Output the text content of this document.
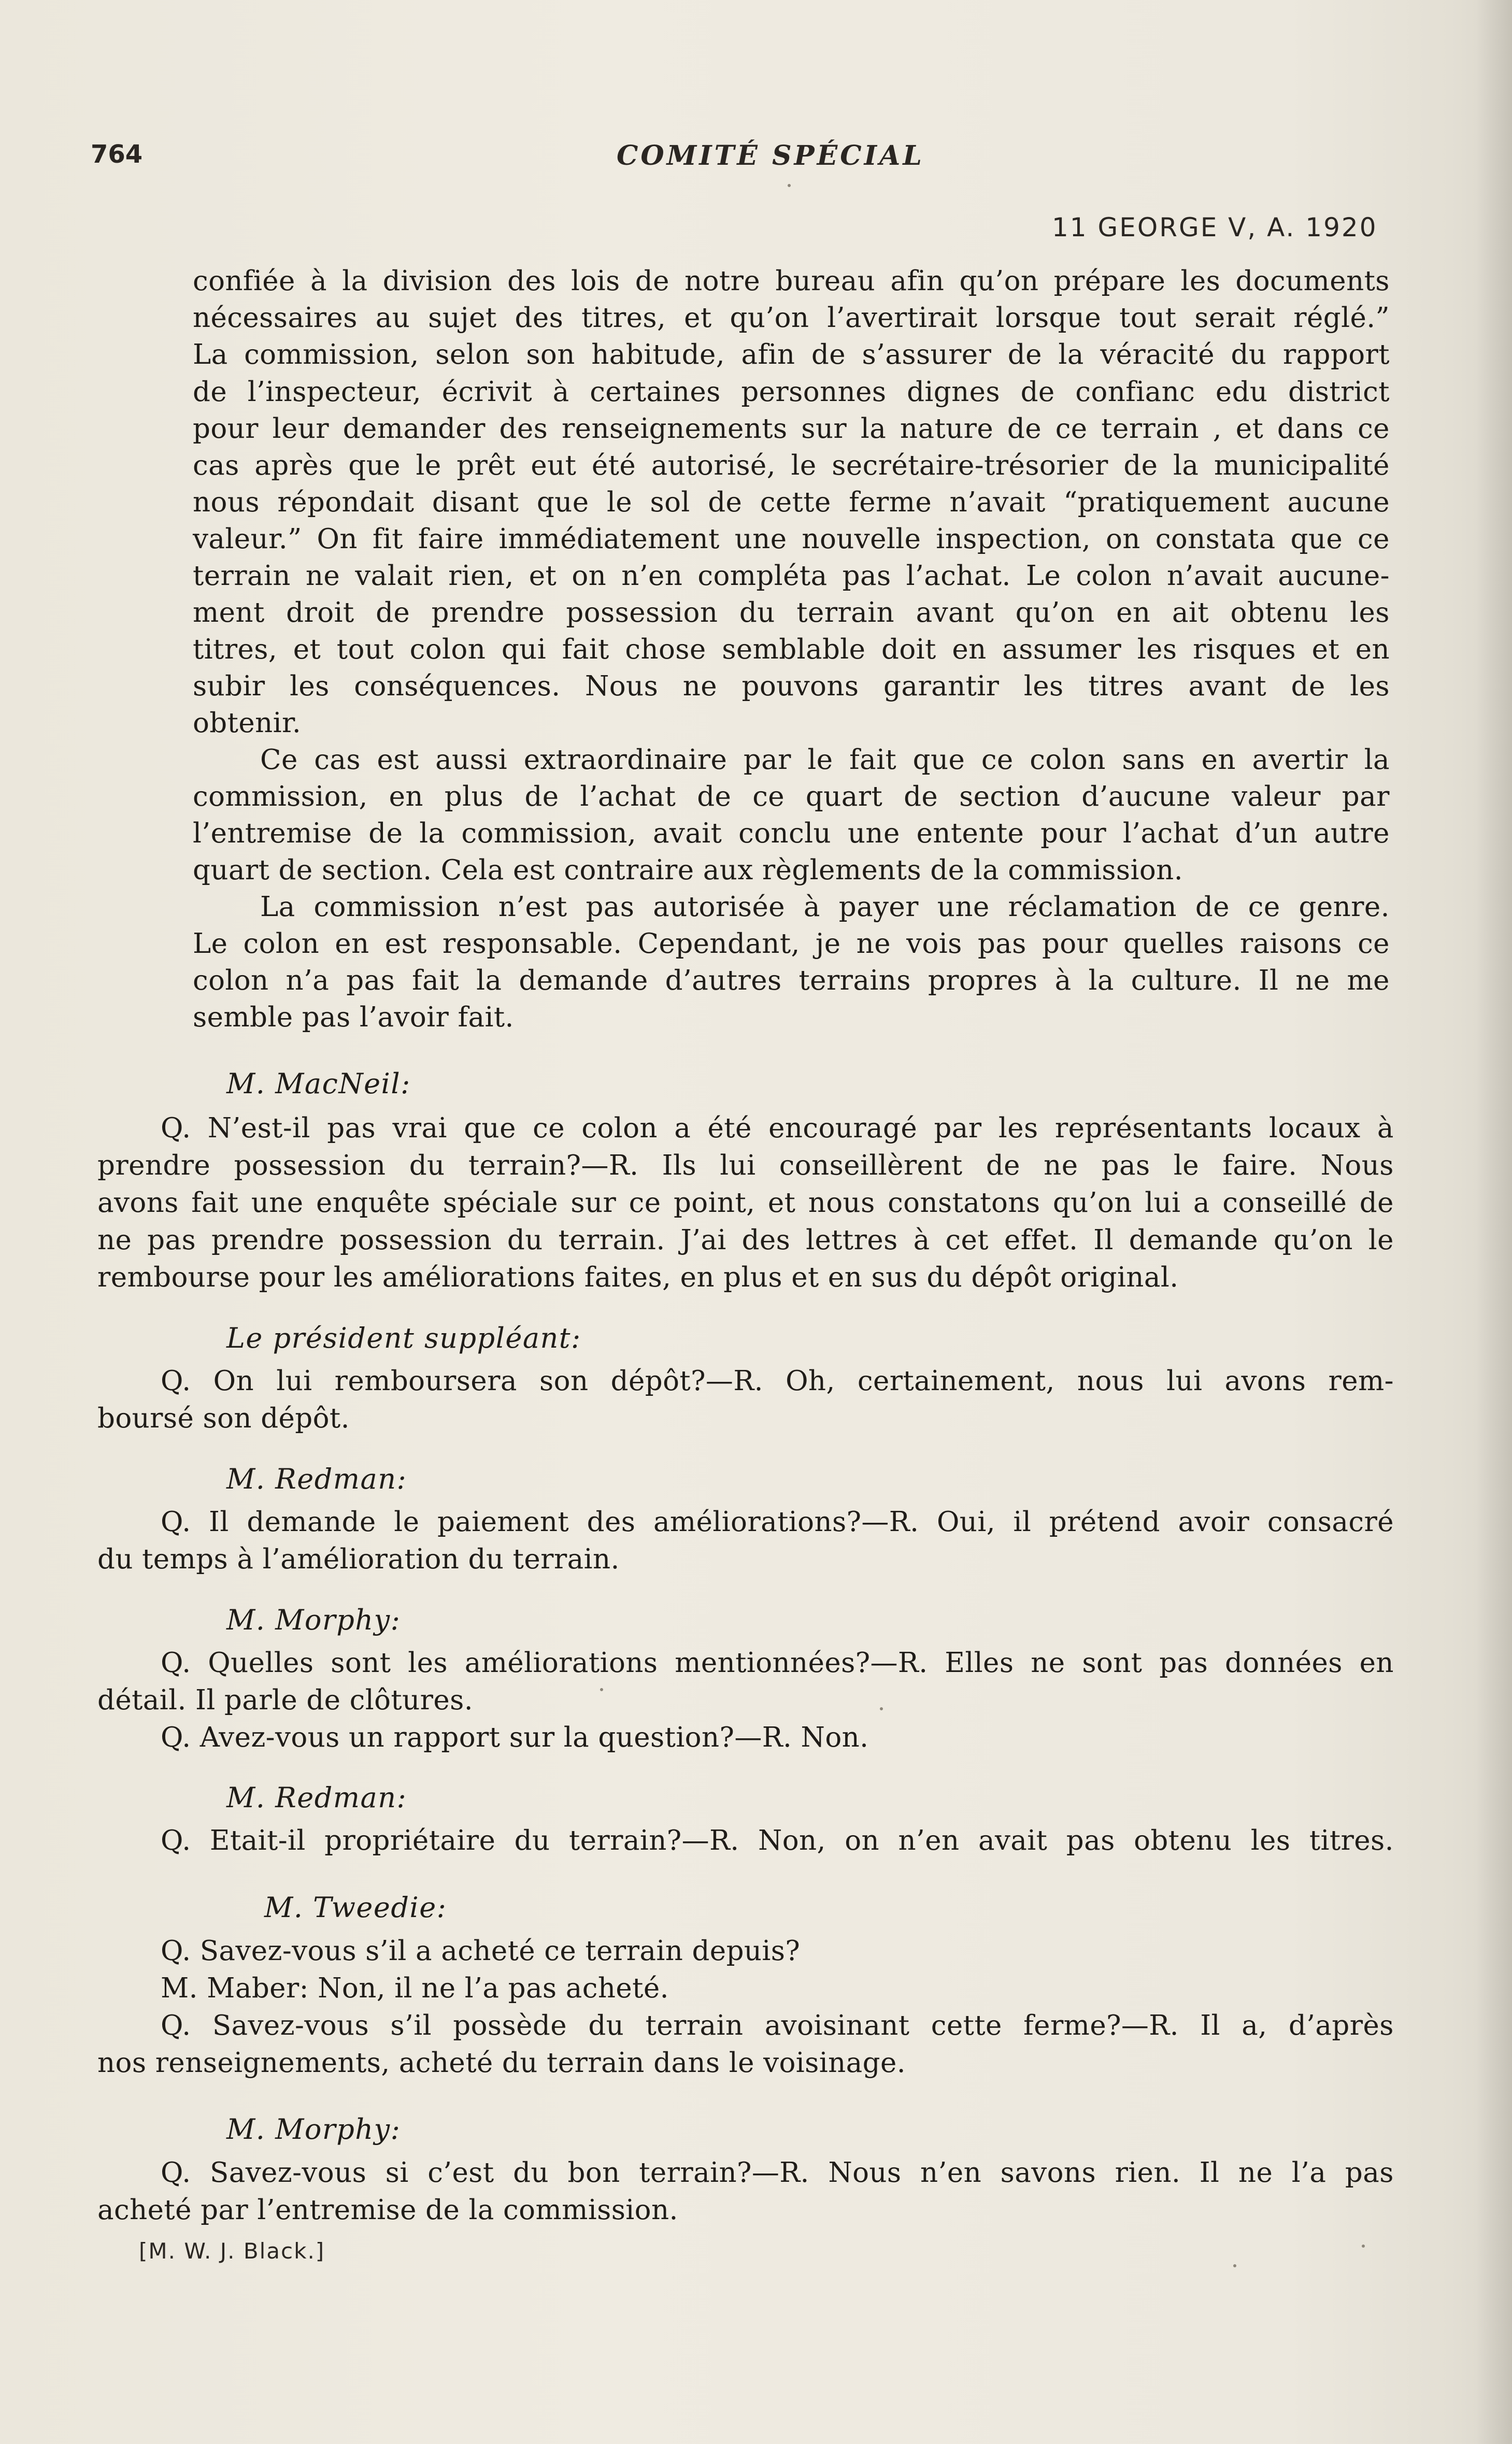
764	COMITÉ SPÉCIAL
11 GEORGE V, A. 1920
confiée à la division des lois de notre bureau afin qu’on prépare les documents
nécessaires au sujet des titres, et qu’on l’avertirait lorsque tout serait réglé.”
La commission, selon son habitude, afin de s’assurer de la véracité du rapport
de l’inspecteur, écrivit à certaines personnes dignes de confianc edu district
pour leur demander des renseignements sur la nature de ce terrain , et dans ce
cas après que le prêt eut été autorisé, le secrétaire-trésorier de la municipalité
nous répondait disant que le sol de cette ferme n’avait “pratiquement aucune
valeur.” On fit faire immédiatement une nouvelle inspection, on constata que ce
terrain ne valait rien, et on n’en compléta pas l’achat. Le colon n’avait aucune-
ment droit de prendre possession du terrain avant qu’on en ait obtenu les
titres, et tout colon qui fait chose semblable doit en assumer les risques et en
subir les conséquences. Nous ne pouvons garantir les titres avant de les
obtenir.
Ce cas est aussi extraordinaire par le fait que ce colon sans en avertir la
commission, en plus de l’achat de ce quart de section d’aucune valeur par
l’entremise de la commission, avait conclu une entente pour l’achat d’un autre
quart de section. Cela est contraire aux règlements de la commission.
La commission n’est pas autorisée à payer une réclamation de ce genre.
Le colon en est responsable. Cependant, je ne vois pas pour quelles raisons ce
colon n’a pas fait la demande d’autres terrains propres à la culture. Il ne me
semble pas l’avoir fait.
M. MacNeil:
Q. N’est-il pas vrai que ce colon a été encouragé par les représentants locaux à
prendre possession du terrain?—R. Ils lui conseillèrent de ne pas le faire. Nous
avons fait une enquête spéciale sur ce point, et nous constatons qu’on lui a conseillé de
ne pas prendre possession du terrain. J’ai des lettres à cet effet. Il demande qu’on le
rembourse pour les améliorations faites, en plus et en sus du dépôt original.
Le président suppléant:
Q. On lui remboursera son dépôt?—R. Oh, certainement, nous lui avons rem-
boursé son dépôt.
M. Redman:
Q. Il demande le paiement des améliorations?—R. Oui, il prétend avoir consacré
du temps à l’amélioration du terrain.
M. Morphy:
Q. Quelles sont les améliorations mentionnées?—R. Elles ne sont pas données en
détail. Il parle de clôtures.
Q. Avez-vous un rapport sur la question?—R. Non.
M. Redman:
Q. Etait-il propriétaire du terrain?—R. Non, on n’en avait pas obtenu les titres.
M. Tweedie:
Q. Savez-vous s’il a acheté ce terrain depuis?
M. Maber: Non, il ne l’a pas acheté.
Q. Savez-vous s’il possède du terrain avoisinant cette ferme?—R. Il a, d’après
nos renseignements, acheté du terrain dans le voisinage.
M. Morphy:
Q. Savez-vous si c’est du bon terrain?—R. Nous n’en savons rien. Il ne l’a pas
acheté par l’entremise de la commission.
[M. W. J. Black.]
